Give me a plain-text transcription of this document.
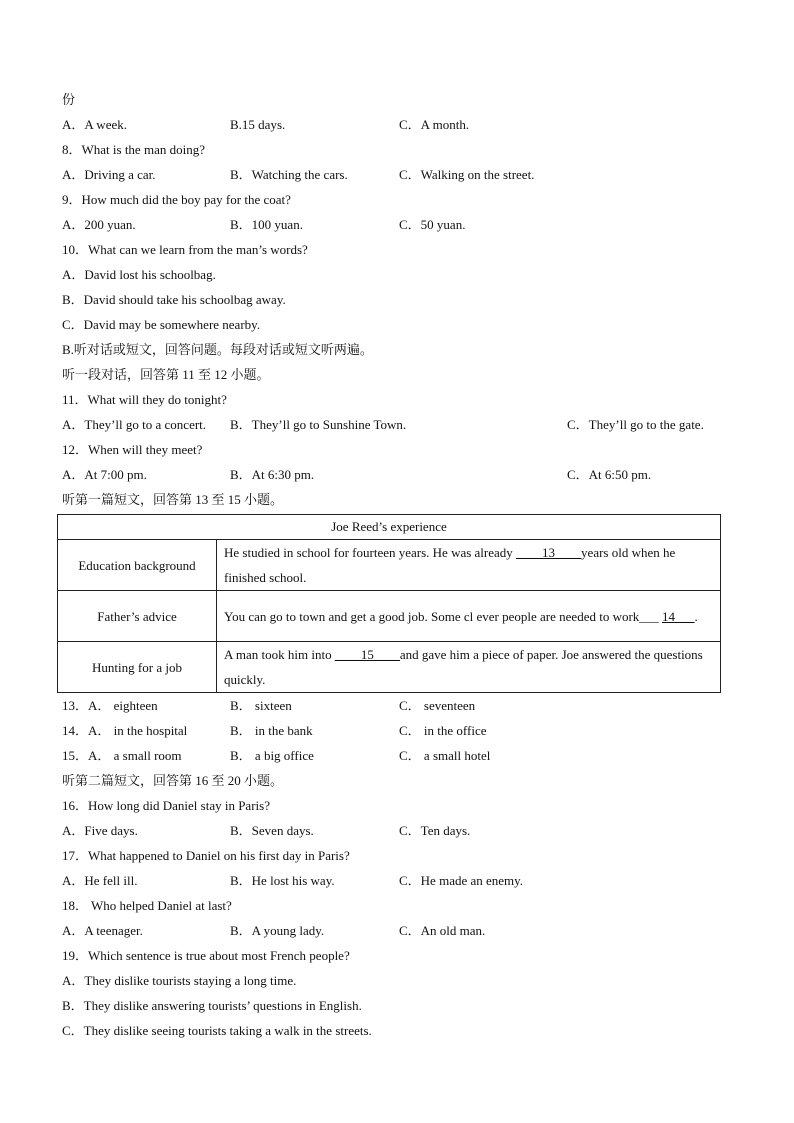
份
A．A week.	B.15 days.	C．A month.
8．What is the man doing?
A．Driving a car.	B．Watching the cars.	C．Walking on the street.
9．How much did the boy pay for the coat?
A．200 yuan.	B．100 yuan.	C．50 yuan.
10．What can we learn from the man’s words?
A．David lost his schoolbag.
B．David should take his schoolbag away.
C．David may be somewhere nearby.
B.听对话或短文，回答问题。每段对话或短文听两遍。
听一段对话，回答第 11 至 12 小题。
11．What will they do tonight?
A．They’ll go to a concert. B．They’ll go to Sunshine Town.	C．They’ll go to the gate.
12．When will they meet?
A．At 7:00 pm.	B．At 6:30 pm.	C．At 6:50 pm.
听第一篇短文，回答第 13 至 15 小题。
Joe Reed’s experience	
Education background	He studied in school for fourteen years. He was already ____13____years old when he finished school.
Father’s advice	You can go to town and get a good job. Some cl ever people are needed to work___ 14___.
Hunting for a job	A man took him into ____15____and gave him a piece of paper. Joe answered the questions quickly.
13．A． eighteen	B． sixteen	C． seventeen
14．A． in the hospital	B． in the bank	C． in the office
15．A． a small room	B． a big office	C． a small hotel
听第二篇短文，回答第 16 至 20 小题。
16．How long did Daniel stay in Paris?
A．Five days.	B．Seven days.	C．Ten days.
17．What happened to Daniel on his first day in Paris?
A．He fell ill.	B．He lost his way.	C．He made an enemy.
18． Who helped Daniel at last?
A．A teenager.	B．A young lady.	C．An old man.
19．Which sentence is true about most French people?
A．They dislike tourists staying a long time.
B．They dislike answering tourists’ questions in English.
C．They dislike seeing tourists taking a walk in the streets.
